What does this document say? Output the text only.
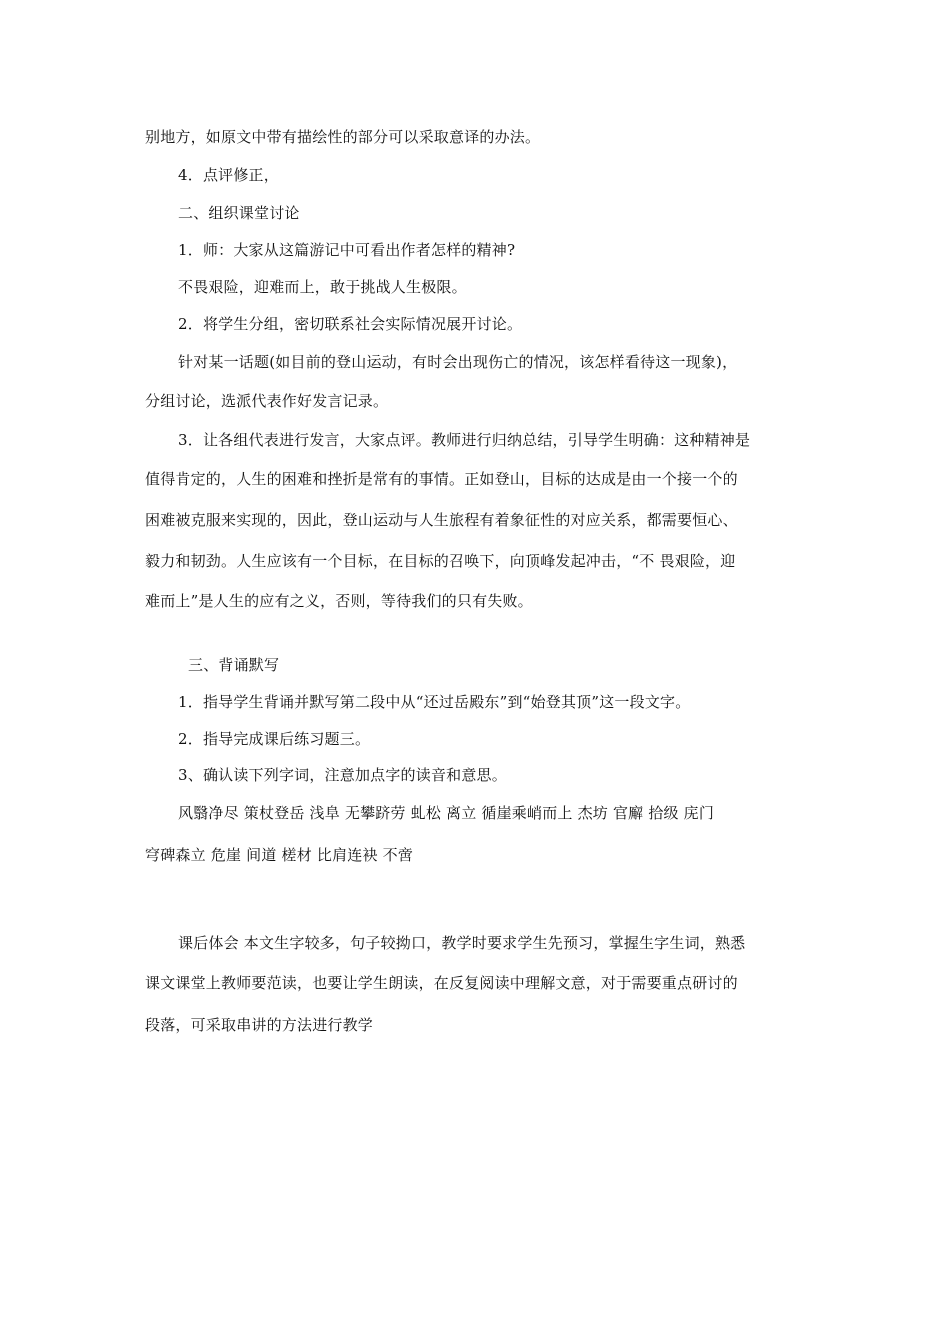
别地方，如原文中带有描绘性的部分可以采取意译的办法。
4．点评修正，
二、组织课堂讨论
1．师：大家从这篇游记中可看出作者怎样的精神?
不畏艰险，迎难而上，敢于挑战人生极限。
2．将学生分组，密切联系社会实际情况展开讨论。
针对某一话题(如目前的登山运动，有时会出现伤亡的情况，该怎样看待这一现象)，
分组讨论，选派代表作好发言记录。
3．让各组代表进行发言，大家点评。教师进行归纳总结，引导学生明确：这种精神是
值得肯定的，人生的困难和挫折是常有的事情。正如登山，目标的达成是由一个接一个的
困难被克服来实现的，因此，登山运动与人生旅程有着象征性的对应关系，都需要恒心、
毅力和韧劲。人生应该有一个目标，在目标的召唤下，向顶峰发起冲击，“不 畏艰险，迎
难而上”是人生的应有之义，否则，等待我们的只有失败。
三、背诵默写
1．指导学生背诵并默写第二段中从“还过岳殿东”到“始登其顶”这一段文字。
2．指导完成课后练习题三。
3、确认读下列字词，注意加点字的读音和意思。
风翳净尽 策杖登岳 浅阜 无攀跻劳 虬松 离立 循崖乘峭而上 杰坊 官廨 拾级 庑门
穹碑森立 危崖 间道 槎材 比肩连袂 不啻
课后体会 本文生字较多，句子较拗口，教学时要求学生先预习，掌握生字生词，熟悉
课文课堂上教师要范读，也要让学生朗读，在反复阅读中理解文意，对于需要重点研讨的
段落，可采取串讲的方法进行教学
